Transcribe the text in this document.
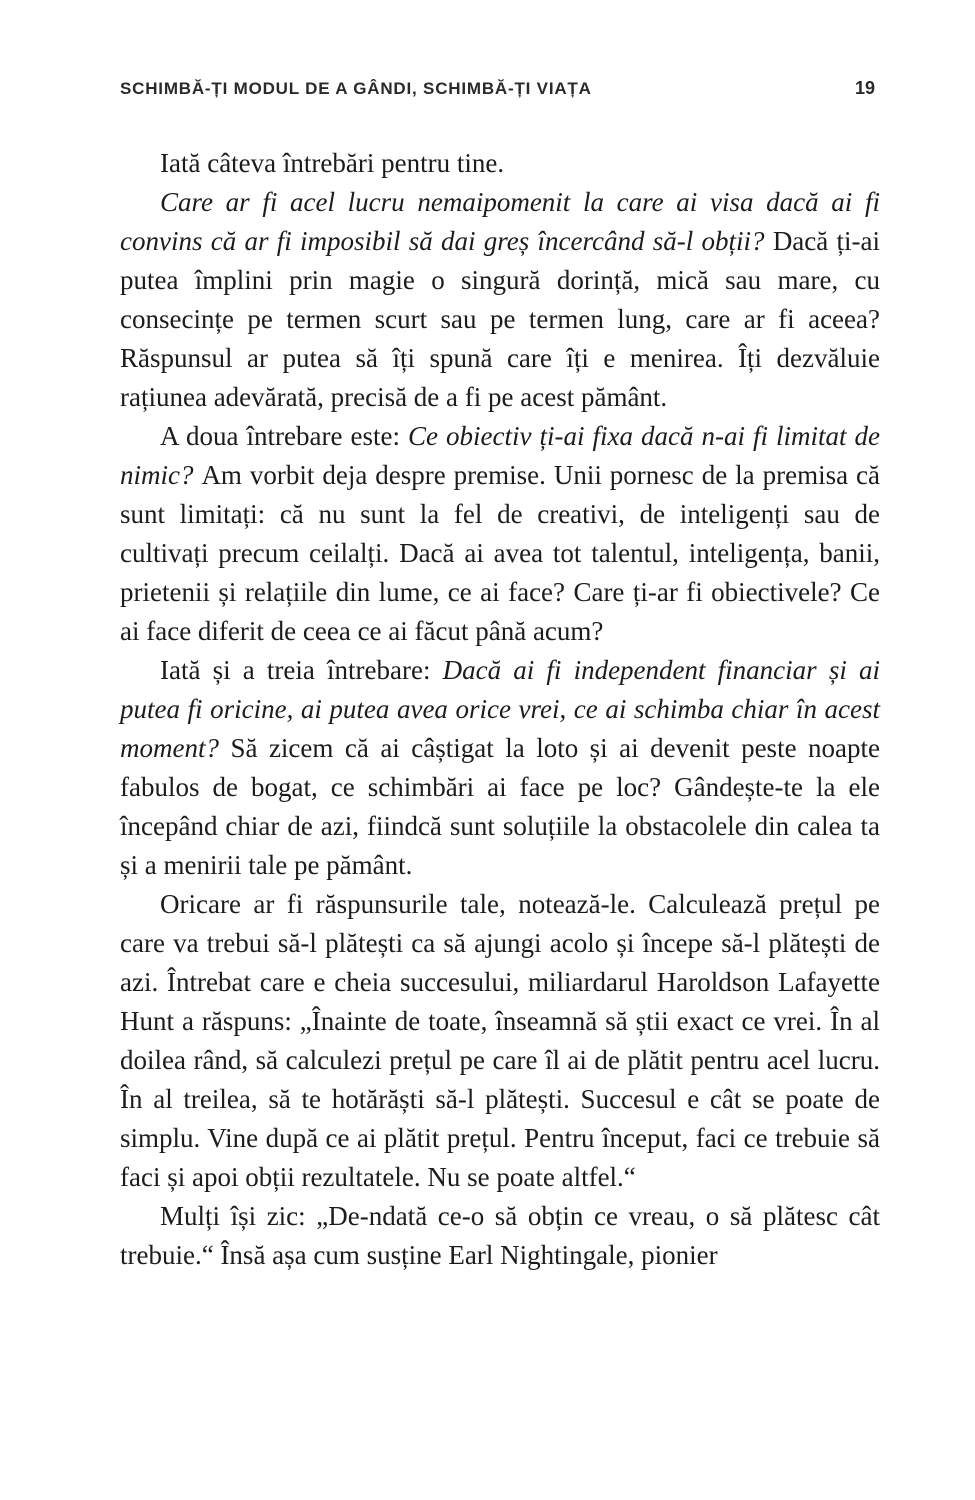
SCHIMBĂ-ȚI MODUL DE A GÂNDI, SCHIMBĂ-ȚI VIAȚA	19

Iată câteva întrebări pentru tine.

Care ar fi acel lucru nemaipomenit la care ai visa dacă ai fi convins că ar fi imposibil să dai greș încercând să-l obții? Dacă ți-ai putea împlini prin magie o singură dorință, mică sau mare, cu consecințe pe termen scurt sau pe termen lung, care ar fi aceea? Răspunsul ar putea să îți spună care îți e menirea. Îți dezvăluie rațiunea adevărată, precisă de a fi pe acest pământ.

A doua întrebare este: Ce obiectiv ți-ai fixa dacă n-ai fi limitat de nimic? Am vorbit deja despre premise. Unii pornesc de la premisa că sunt limitați: că nu sunt la fel de creativi, de inteligenți sau de cultivați precum ceilalți. Dacă ai avea tot talentul, inteligența, banii, prietenii și relațiile din lume, ce ai face? Care ți-ar fi obiectivele? Ce ai face diferit de ceea ce ai făcut până acum?

Iată și a treia întrebare: Dacă ai fi independent financiar și ai putea fi oricine, ai putea avea orice vrei, ce ai schimba chiar în acest moment? Să zicem că ai câștigat la loto și ai devenit peste noapte fabulos de bogat, ce schimbări ai face pe loc? Gândește-te la ele începând chiar de azi, fiindcă sunt soluțiile la obstacolele din calea ta și a menirii tale pe pământ.

Oricare ar fi răspunsurile tale, notează-le. Calculează prețul pe care va trebui să-l plătești ca să ajungi acolo și începe să-l plătești de azi. Întrebat care e cheia succesului, miliardarul Haroldson Lafayette Hunt a răspuns: „Înainte de toate, înseamnă să știi exact ce vrei. În al doilea rând, să calculezi prețul pe care îl ai de plătit pentru acel lucru. În al treilea, să te hotărăști să-l plătești. Succesul e cât se poate de simplu. Vine după ce ai plătit prețul. Pentru început, faci ce trebuie să faci și apoi obții rezultatele. Nu se poate altfel.“

Mulți își zic: „De-ndată ce-o să obțin ce vreau, o să plătesc cât trebuie.“ Însă așa cum susține Earl Nightingale, pionier
